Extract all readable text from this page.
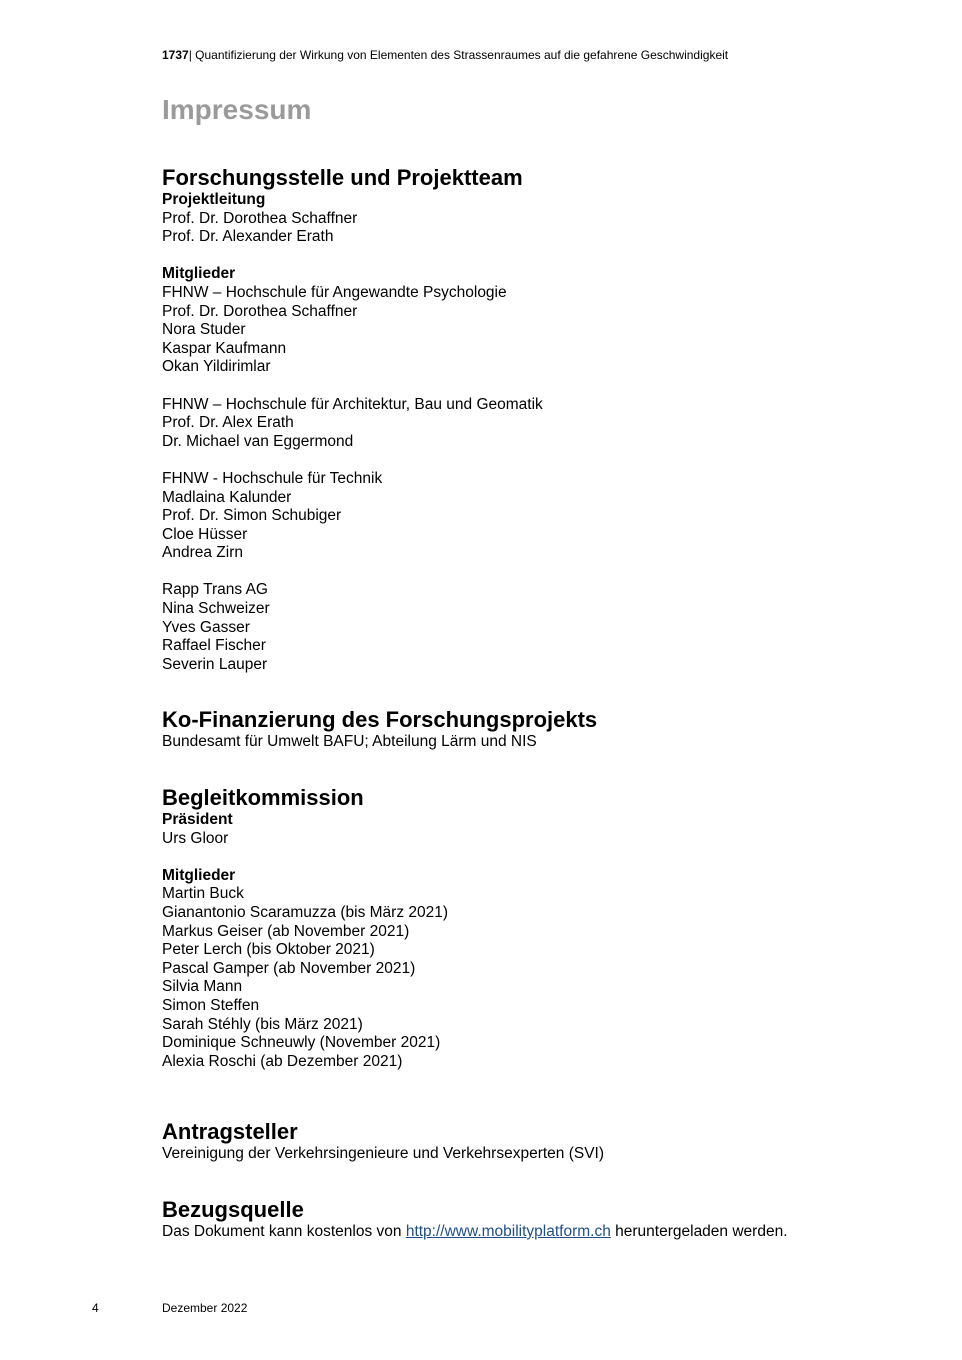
1737| Quantifizierung der Wirkung von Elementen des Strassenraumes auf die gefahrene Geschwindigkeit
Impressum
Forschungsstelle und Projektteam
Projektleitung
Prof. Dr. Dorothea Schaffner
Prof. Dr. Alexander Erath
Mitglieder
FHNW – Hochschule für Angewandte Psychologie
Prof. Dr. Dorothea Schaffner
Nora Studer
Kaspar Kaufmann
Okan Yildirimlar
FHNW – Hochschule für Architektur, Bau und Geomatik
Prof. Dr. Alex Erath
Dr. Michael van Eggermond
FHNW - Hochschule für Technik
Madlaina Kalunder
Prof. Dr. Simon Schubiger
Cloe Hüsser
Andrea Zirn
Rapp Trans AG
Nina Schweizer
Yves Gasser
Raffael Fischer
Severin Lauper
Ko-Finanzierung des Forschungsprojekts
Bundesamt für Umwelt BAFU; Abteilung Lärm und NIS
Begleitkommission
Präsident
Urs Gloor
Mitglieder
Martin Buck
Gianantonio Scaramuzza (bis März 2021)
Markus Geiser (ab November 2021)
Peter Lerch (bis Oktober 2021)
Pascal Gamper (ab November 2021)
Silvia Mann
Simon Steffen
Sarah Stéhly (bis März 2021)
Dominique Schneuwly (November 2021)
Alexia Roschi (ab Dezember 2021)
Antragsteller
Vereinigung der Verkehrsingenieure und Verkehrsexperten (SVI)
Bezugsquelle
Das Dokument kann kostenlos von http://www.mobilityplatform.ch heruntergeladen werden.
4	Dezember 2022
